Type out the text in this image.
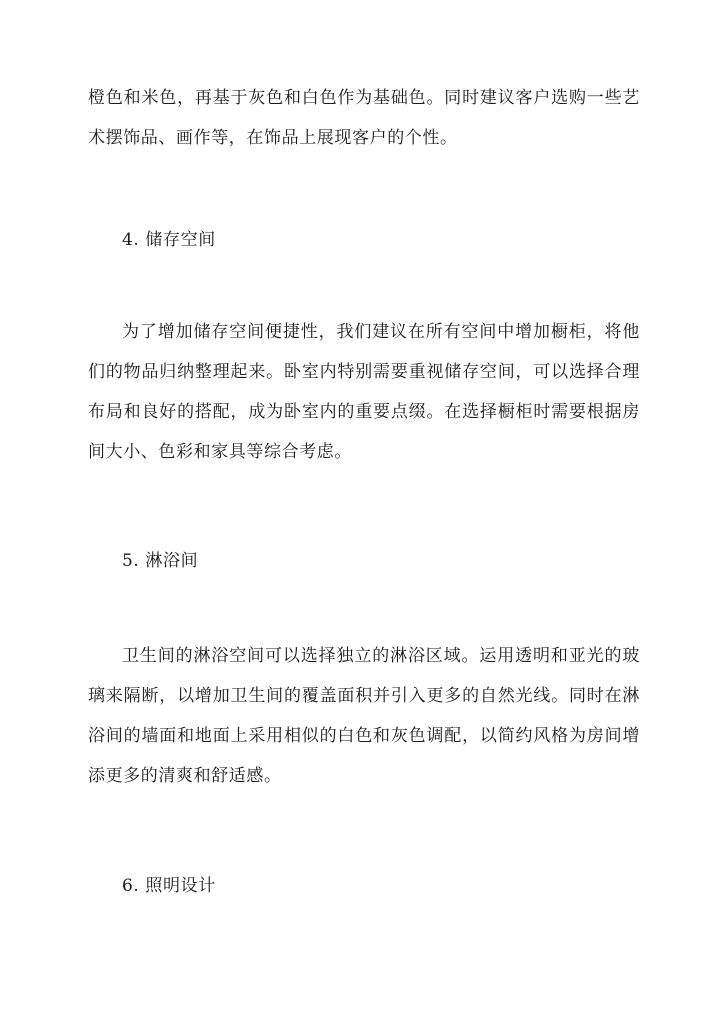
橙色和米色，再基于灰色和白色作为基础色。同时建议客户选购一些艺术摆饰品、画作等，在饰品上展现客户的个性。

4. 储存空间

为了增加储存空间便捷性，我们建议在所有空间中增加橱柜，将他们的物品归纳整理起来。卧室内特别需要重视储存空间，可以选择合理布局和良好的搭配，成为卧室内的重要点缀。在选择橱柜时需要根据房间大小、色彩和家具等综合考虑。

5. 淋浴间

卫生间的淋浴空间可以选择独立的淋浴区域。运用透明和亚光的玻璃来隔断，以增加卫生间的覆盖面积并引入更多的自然光线。同时在淋浴间的墙面和地面上采用相似的白色和灰色调配，以简约风格为房间增添更多的清爽和舒适感。

6. 照明设计
